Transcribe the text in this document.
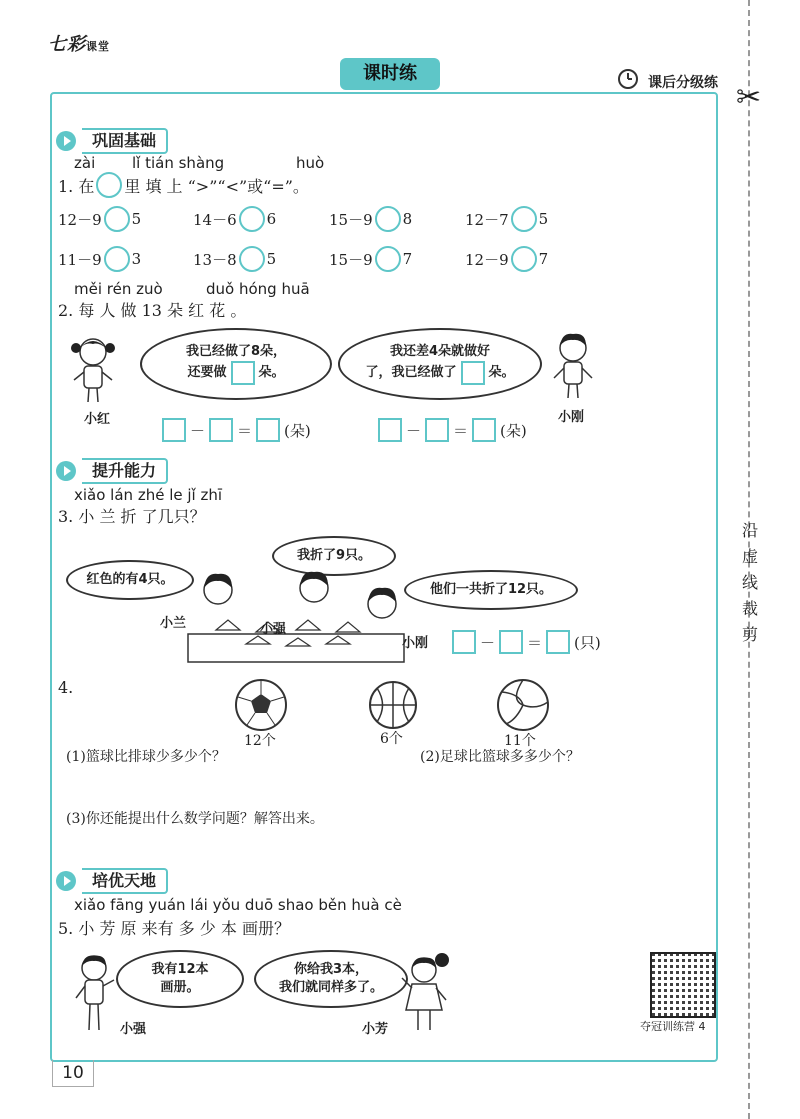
七彩课堂
课时练	课后分级练 ✂
沿
虚
线
裁
剪
巩固基础
zài lǐ tián shàng	huò
1. 在 里 填 上 “>”“<”或“=”。
12－9 5	14－6 6	15－9 8	12－7 5
11－9 3	13－8 5	15－9 7	12－9 7
měi rén zuò	duǒ hóng huā
2. 每 人 做 13 朵 红 花 。
小红
我已经做了8朵，
还要做 朵。
我还差4朵就做好
了，我已经做了 朵。
小刚
－ ＝ (朵)	－ ＝ (朵)
提升能力
xiǎo lán zhé le jǐ zhī
3. 小 兰 折 了几只？
我折了9只。
红色的有4只。
他们一共折了12只。
小兰	小强
小刚	－ ＝ (只)
4.
12个	6个	11个
(1)篮球比排球少多少个？	(2)足球比篮球多多少个？
(3)你还能提出什么数学问题？解答出来。
培优天地
xiǎo fāng yuán lái yǒu duō shao běn huà cè
5. 小 芳 原 来有 多 少 本 画册？
我有12本
画册。
小强
你给我3本，
我们就同样多了。
小芳	夺冠训练营 4
10
